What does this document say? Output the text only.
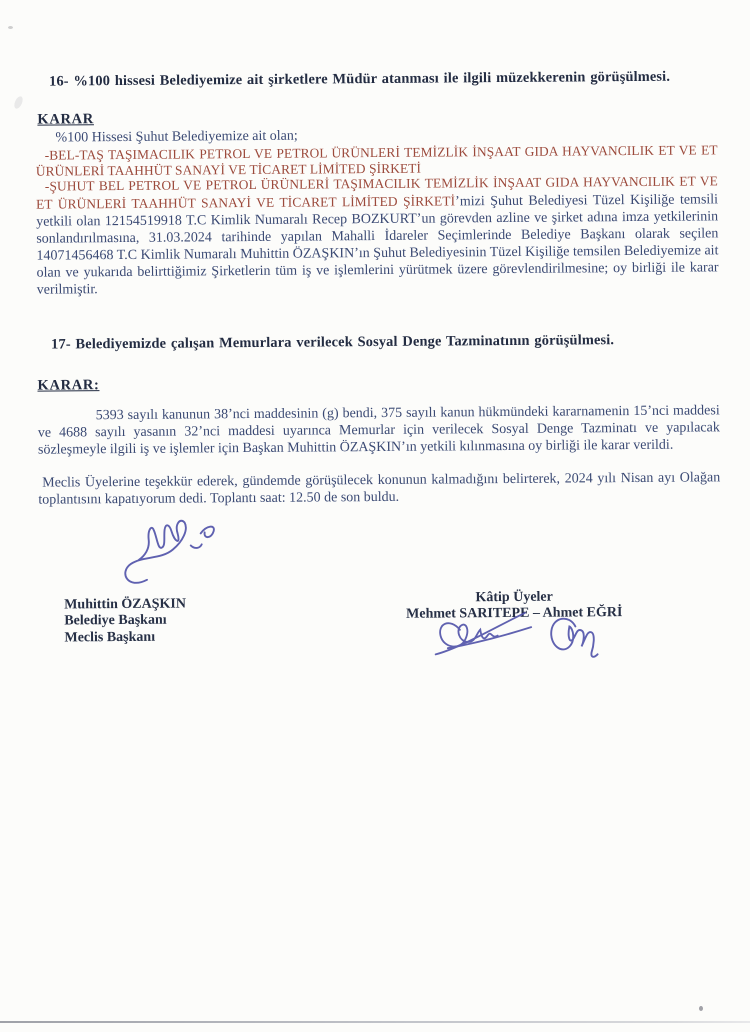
16- %100 hissesi Belediyemize ait şirketlere Müdür atanması ile ilgili müzekkerenin görüşülmesi.

KARAR

%100 Hissesi Şuhut Belediyemize ait olan;

-BEL-TAŞ TAŞIMACILIK PETROL VE PETROL ÜRÜNLERİ TEMİZLİK İNŞAAT GIDA HAYVANCILIK ET VE ET ÜRÜNLERİ TAAHHÜT SANAYİ VE TİCARET LİMİTED ŞİRKETİ

-ŞUHUT BEL PETROL VE PETROL ÜRÜNLERİ TAŞIMACILIK TEMİZLİK İNŞAAT GIDA HAYVANCILIK ET VE ET ÜRÜNLERİ TAAHHÜT SANAYİ VE TİCARET LİMİTED ŞİRKETİ’mizi Şuhut Belediyesi Tüzel Kişiliğe temsili yetkili olan 12154519918 T.C Kimlik Numaralı Recep BOZKURT’un görevden azline ve şirket adına imza yetkilerinin sonlandırılmasına, 31.03.2024 tarihinde yapılan Mahalli İdareler Seçimlerinde Belediye Başkanı olarak seçilen 14071456468 T.C Kimlik Numaralı Muhittin ÖZAŞKIN’ın Şuhut Belediyesinin Tüzel Kişiliğe temsilen Belediyemize ait olan ve yukarıda belirttiğimiz Şirketlerin tüm iş ve işlemlerini yürütmek üzere görevlendirilmesine; oy birliği ile karar verilmiştir.

17- Belediyemizde çalışan Memurlara verilecek Sosyal Denge Tazminatının görüşülmesi.

KARAR:

5393 sayılı kanunun 38’nci maddesinin (g) bendi, 375 sayılı kanun hükmündeki kararnamenin 15’nci maddesi ve 4688 sayılı yasanın 32’nci maddesi uyarınca Memurlar için verilecek Sosyal Denge Tazminatı ve yapılacak sözleşmeyle ilgili iş ve işlemler için Başkan Muhittin ÖZAŞKIN’ın yetkili kılınmasına oy birliği ile karar verildi.

Meclis Üyelerine teşekkür ederek, gündemde görüşülecek konunun kalmadığını belirterek, 2024 yılı Nisan ayı Olağan toplantısını kapatıyorum dedi. Toplantı saat: 12.50 de son buldu.

Muhittin ÖZAŞKIN
Belediye Başkanı
Meclis Başkanı
Kâtip Üyeler
Mehmet SARITEPE – Ahmet EĞRİ
